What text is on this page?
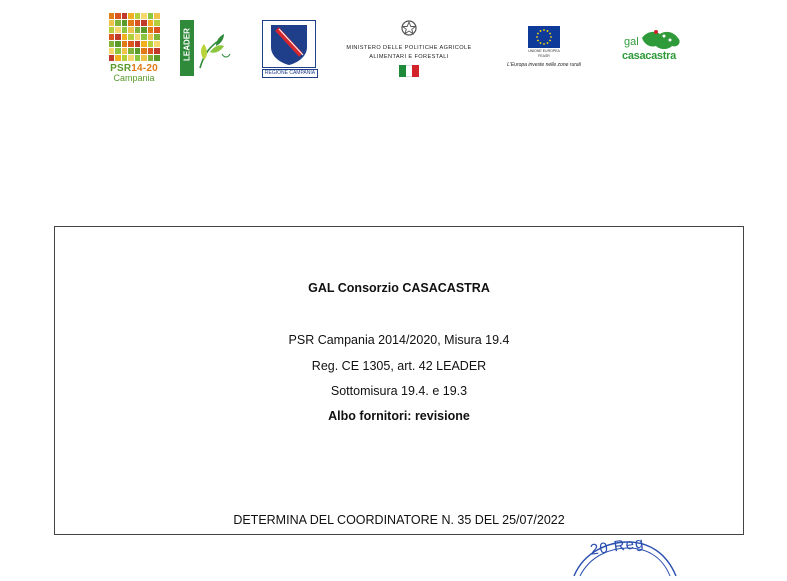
PSR14-20
Campania
LEADER
REGIONE CAMPANIA
MINISTERO DELLE POLITICHE AGRICOLE
ALIMENTARI E FORESTALI
UNIONE EUROPEA
FEASR
L'Europa investe nelle zone rurali
gal
casacastra
GAL Consorzio CASACASTRA
PSR Campania 2014/2020, Misura 19.4
Reg. CE 1305, art. 42 LEADER
Sottomisura 19.4. e 19.3
Albo fornitori: revisione
DETERMINA DEL COORDINATORE N. 35 DEL 25/07/2022
20 Reg
